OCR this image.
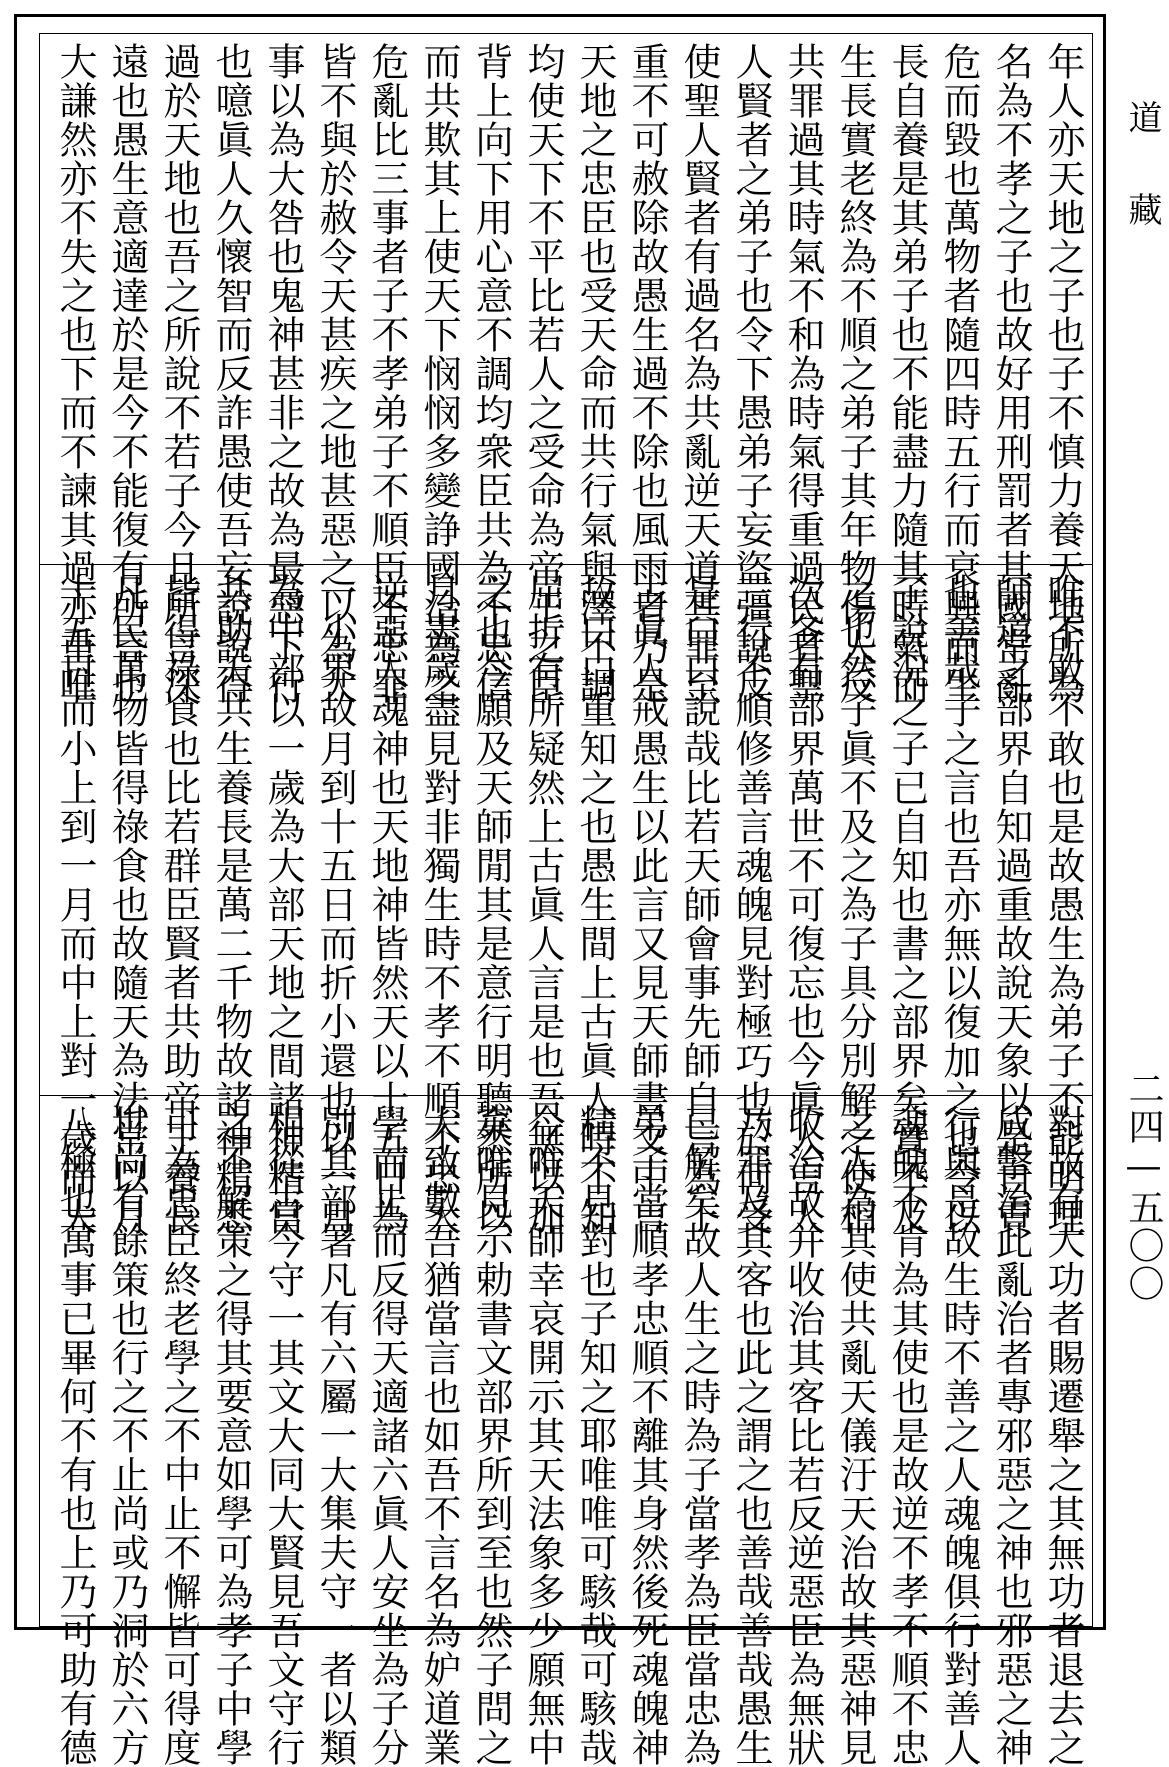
年人亦天地之子也子不慎力養天地所為
名為不孝之子也故好用刑罰者其國常亂
危而毀也萬物者隨四時五行而衰興而生
長自養是其弟子也不能盡力隨其時氣而
生長實老終為不順之弟子其年物傷人反
共罪過其時氣不和為時氣得重過民者聖
人賢者之弟子也令下愚弟子妄盜彊說反
使聖人賢者有過名為共亂逆天道其罪至
重不可赦除故愚生過不除也風雨者乃是
天地之忠臣也受天命而共行氣與澤不調
均使天下不平比若人之受命為帝王之臣
背上向下用心意不調均衆臣共為不忠信
而共欺其上使天下悯悯多變諍國治為之
危亂比三事者子不孝弟子不順臣不忠罪
皆不與於赦令天甚疾之地甚惡之以為大
事以為大咎也鬼神甚非之故為最惡下行
也噫眞人久懷智而反詐愚使吾妄說說得
過於天地也吾之所說不若子今且所言深
遠也愚生意適達於是今不能復有所言也
大謙然亦不失之也下而不諫其過亦重唯
唯不敢不敢也是故愚生為弟子不能明理
師道之部界自知過重故說天象以是自責
也善哉子之言也吾亦無以復加之也令以
子說況之子已自知也書之部界矣實不及
之也然子眞不及之為子具分別解之使相
次各有部界萬世不可復忘也今眞人言人
三行不順修善言魂魄見對極巧也於何受
是口口說哉比若天師會事先師自言為上
古眞人戒愚生以此言又見天師書文中言
故口口重知之也愚生間上古眞人時不知
屈折有所疑然上古眞人言是也吾無以加
之也今願及天師閒其是意行明聽然所以
月盡歲盡見對非獨生時不孝不順不忠大
逆惡人魂神也天地神皆然天以十五日為
一小界故月到十五日而折小還也以一月
為中部以一歲為大部天地之間諸神精當
共助天共生養長是萬二千物故諸神精悉
皆得祿食也比若群臣賢者共助帝王養長
凡民萬物皆得祿食也故隨天為法常以月
十五日而小上到一月而中上對一歲而大
對故有大功者賜遷舉之其無功者退去之
成擊治此亂治者專邪惡之神也邪惡之神
行與是故生時不善之人魂魄俱行對善人
魂魄不肯為其使也是故逆不孝不順不忠
之人為其使共亂天儀汙天治故其惡神見
收治故并收治其客比若反逆惡臣為無狀
乃罪及其客也此之謂之也善哉善哉愚生
已解矣故人生之時為子當孝為臣當忠為
弟子當順孝忠順不離其身然後死魂魄神
精不見對也子知之耶唯唯可駭哉可駭哉
今唯天師幸哀開示其天法象多少願無中
棄唯見示勅書文部界所到至也然子問之
大致數吾猶當言也如吾不言名為妒道業
學而止而反得天適諸六眞人安坐為子分
別其部署凡有六屬一大集夫守一者以類
相從古今守一其文大同大賢見吾文守行
之不解策之得其要意如學可為孝子中學
可為忠臣終老學之不中止不懈皆可得度
世尚有餘策也行之不止尚或乃洞於六方
八極也萬事已畢何不有也上乃可助有德
道藏
二四—五〇〇
